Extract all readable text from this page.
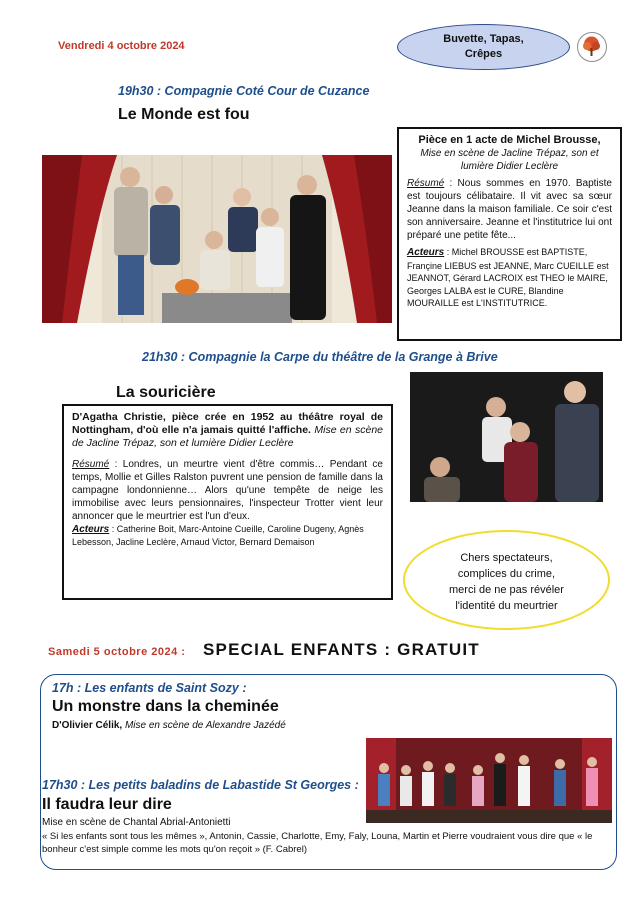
Vendredi 4 octobre 2024
Buvette, Tapas,
Crêpes
19h30 : Compagnie Coté Cour de Cuzance
Le Monde est fou
Pièce en 1 acte de Michel Brousse,
Mise en scène de Jacline Trépaz, son et lumière Didier Leclère
Résumé : Nous sommes en 1970. Baptiste est toujours célibataire. Il vit avec sa sœur Jeanne dans la maison familiale. Ce soir c'est son anniversaire. Jeanne et l'institutrice lui ont préparé une petite fête...
Acteurs : Michel BROUSSE est BAPTISTE, Françine LIEBUS est JEANNE, Marc CUEILLE est JEANNOT, Gérard LACROIX est THEO le MAIRE, Georges LALBA est le CURE, Blandine MOURAILLE est L'INSTITUTRICE.
21h30 : Compagnie la Carpe du théâtre de la Grange à Brive
La souricière
D'Agatha Christie, pièce crée en 1952 au théâtre royal de Nottingham, d'où elle n'a jamais quitté l'affiche. Mise en scène de Jacline Trépaz, son et lumière Didier Leclère
Résumé : Londres, un meurtre vient d'être commis… Pendant ce temps, Mollie et Gilles Ralston puvrent une pension de famille dans la campagne londonnienne… Alors qu'une tempête de neige les immobilise avec leurs pensionnaires, l'inspecteur Trotter vient leur annoncer que le meurtrier est l'un d'eux.
Acteurs : Catherine Boit, Marc-Antoine Cueille, Caroline Dugeny, Agnès Lebesson, Jacline Leclère, Arnaud Victor, Bernard Demaison
Chers spectateurs,
complices du crime,
merci de ne pas révéler
l'identité du meurtrier
Samedi 5 octobre 2024 : SPECIAL ENFANTS : GRATUIT
17h : Les enfants de Saint Sozy :
Un monstre dans la cheminée
D'Olivier Célik, Mise en scène de Alexandre Jazédé
17h30 : Les petits baladins de Labastide St Georges :
Il faudra leur dire
Mise en scène de Chantal Abrial-Antonietti
« Si les enfants sont tous les mêmes », Antonin, Cassie, Charlotte, Emy, Faly, Louna, Martin et Pierre voudraient vous dire que « le bonheur c'est simple comme les mots qu'on reçoit » (F. Cabrel)
